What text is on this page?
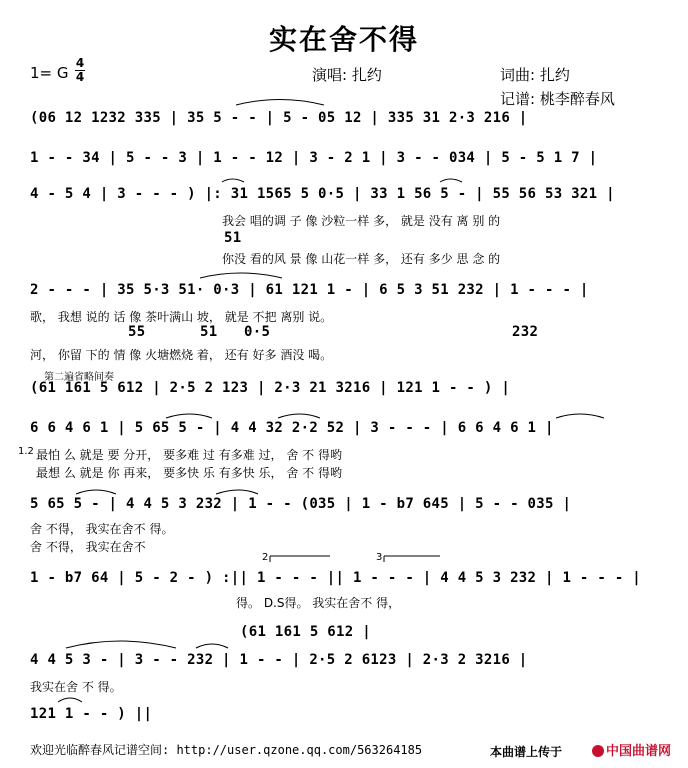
实在舍不得
1= G
4
4	演唱: 扎约	词曲: 扎约
记谱: 桃李醉春风
(06 12 1232 335 | 35 5 - - | 5 - 05 12 | 335 31 2·3 216 |
1 - - 34 | 5 - - 3 | 1 - - 12 | 3 - 2 1 | 3 - - 034 | 5 - 5 1 7 |
4 - 5 4 | 3 - - - ) |: 31 1565 5 0·5 | 33 1 56 5 - | 55 56 53 321 |
我会 唱的调 子 像 沙粒一样 多， 就是 没有 离 别 的
51
你没 看的风 景 像 山花一样 多， 还有 多少 思 念 的
2 - - - | 35 5·3 51· 0·3 | 61 121 1 - | 6 5 3 51 232 | 1 - - - |
歌， 我想 说的 话 像 茶叶满山 坡， 就是 不把 离别 说。
55	51 0·5	232
河， 你留 下的 情 像 火塘燃烧 着， 还有 好多 酒没 喝。
第二遍省略间奏
(61 161 5 612 | 2·5 2 123 | 2·3 21 3216 | 121 1 - - ) |
6 6 4 6 1 | 5 65 5 - | 4 4 32 2·2 52 | 3 - - - | 6 6 4 6 1 |
1.2 最怕 么 就是 要 分开， 要多难 过 有多难 过， 舍 不 得哟
最想 么 就是 你 再来， 要多快 乐 有多快 乐， 舍 不 得哟
5 65 5 - | 4 4 5 3 232 | 1 - - (035 | 1 - b7 645 | 5 - - 035 |
舍 不得， 我实在舍不 得。
舍 不得， 我实在舍不
1 - b7 64 | 5 - 2 - ) :|| 1 - - - || 1 - - - | 4 4 5 3 232 | 1 - - - |
2	3
得。 D.S得。 我实在舍不 得，
(61 161 5 612 |
4 4 5 3 - | 3 - - 232 | 1 - - | 2·5 2 6123 | 2·3 2 3216 |
我实在舍 不 得。
121 1 - - ) ||
欢迎光临醉春风记谱空间: http://user.qzone.qq.com/563264185	本曲谱上传于	中国曲谱网
